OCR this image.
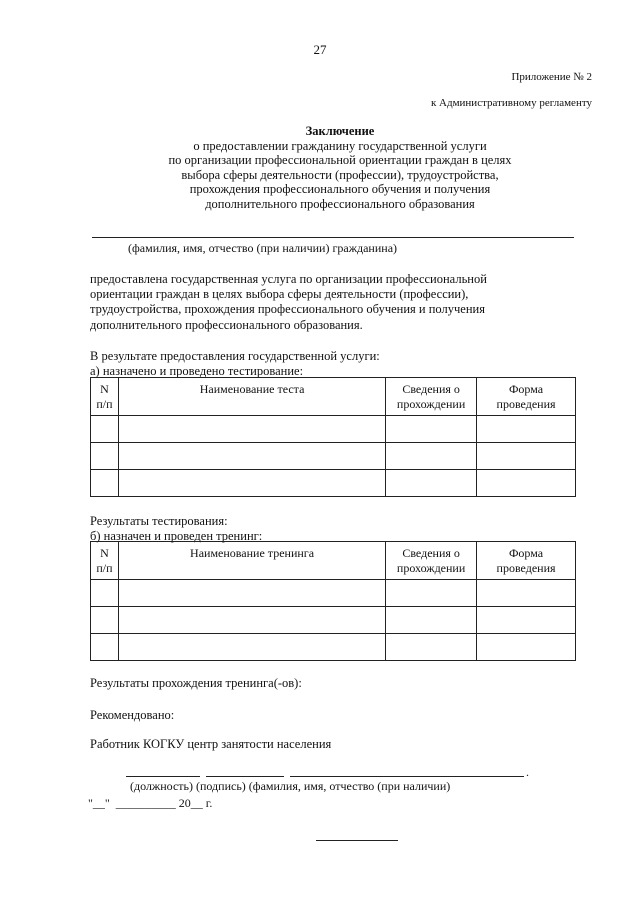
27
Приложение № 2
к Административному регламенту
Заключение
о предоставлении гражданину государственной услуги
по организации профессиональной ориентации граждан в целях
выбора сферы деятельности (профессии), трудоустройства,
прохождения профессионального обучения и получения
дополнительного профессионального образования
(фамилия, имя, отчество (при наличии) гражданина)
предоставлена государственная услуга по организации профессиональной
ориентации граждан в целях выбора сферы деятельности (профессии),
трудоустройства, прохождения профессионального обучения и получения
дополнительного профессионального образования.
В результате предоставления государственной услуги:
а) назначено и проведено тестирование:
N п/п	Наименование теста	Сведения о прохождении	Форма проведения

Результаты тестирования:
б) назначен и проведен тренинг:
N п/п	Наименование тренинга	Сведения о прохождении	Форма проведения

Результаты прохождения тренинга(-ов):
Рекомендовано:
Работник КОГКУ центр занятости населения
.
(должность) (подпись) (фамилия, имя, отчество (при наличии)
"__"  __________ 20__ г.
